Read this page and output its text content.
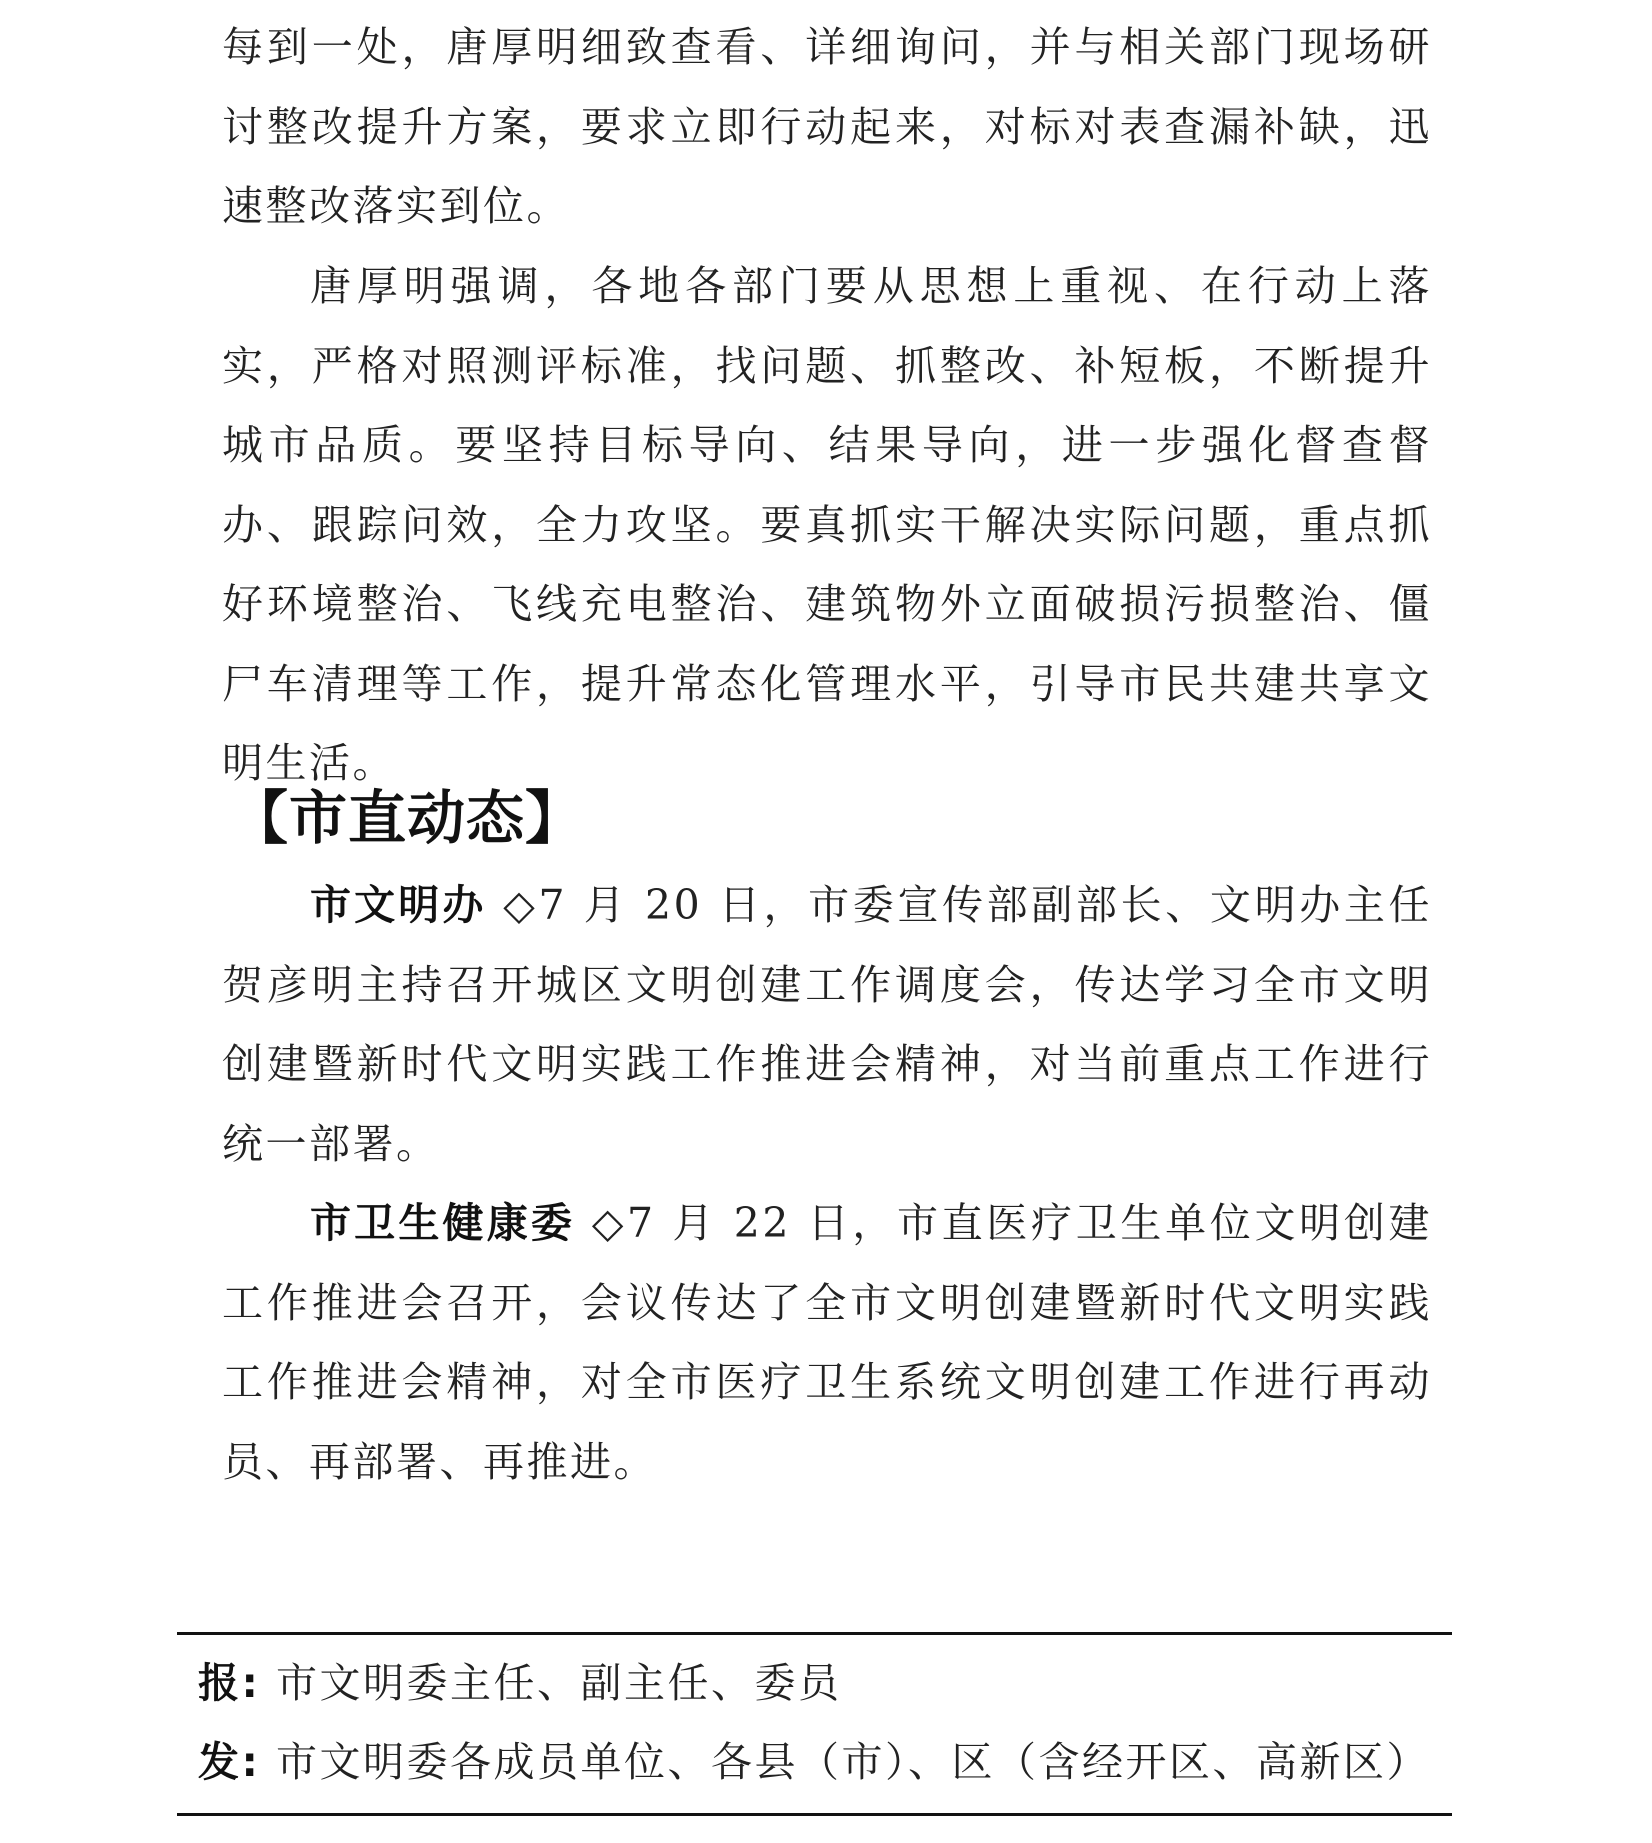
每到一处，唐厚明细致查看、详细询问，并与相关部门现场研讨整改提升方案，要求立即行动起来，对标对表查漏补缺，迅速整改落实到位。

唐厚明强调，各地各部门要从思想上重视、在行动上落实，严格对照测评标准，找问题、抓整改、补短板，不断提升城市品质。要坚持目标导向、结果导向，进一步强化督查督办、跟踪问效，全力攻坚。要真抓实干解决实际问题，重点抓好环境整治、飞线充电整治、建筑物外立面破损污损整治、僵尸车清理等工作，提升常态化管理水平，引导市民共建共享文明生活。

【市直动态】

市文明办 ◇7 月 20 日，市委宣传部副部长、文明办主任贺彦明主持召开城区文明创建工作调度会，传达学习全市文明创建暨新时代文明实践工作推进会精神，对当前重点工作进行统一部署。

市卫生健康委 ◇7 月 22 日，市直医疗卫生单位文明创建工作推进会召开，会议传达了全市文明创建暨新时代文明实践工作推进会精神，对全市医疗卫生系统文明创建工作进行再动员、再部署、再推进。

报: 市文明委主任、副主任、委员
发: 市文明委各成员单位、各县（市）、区（含经开区、高新区）
